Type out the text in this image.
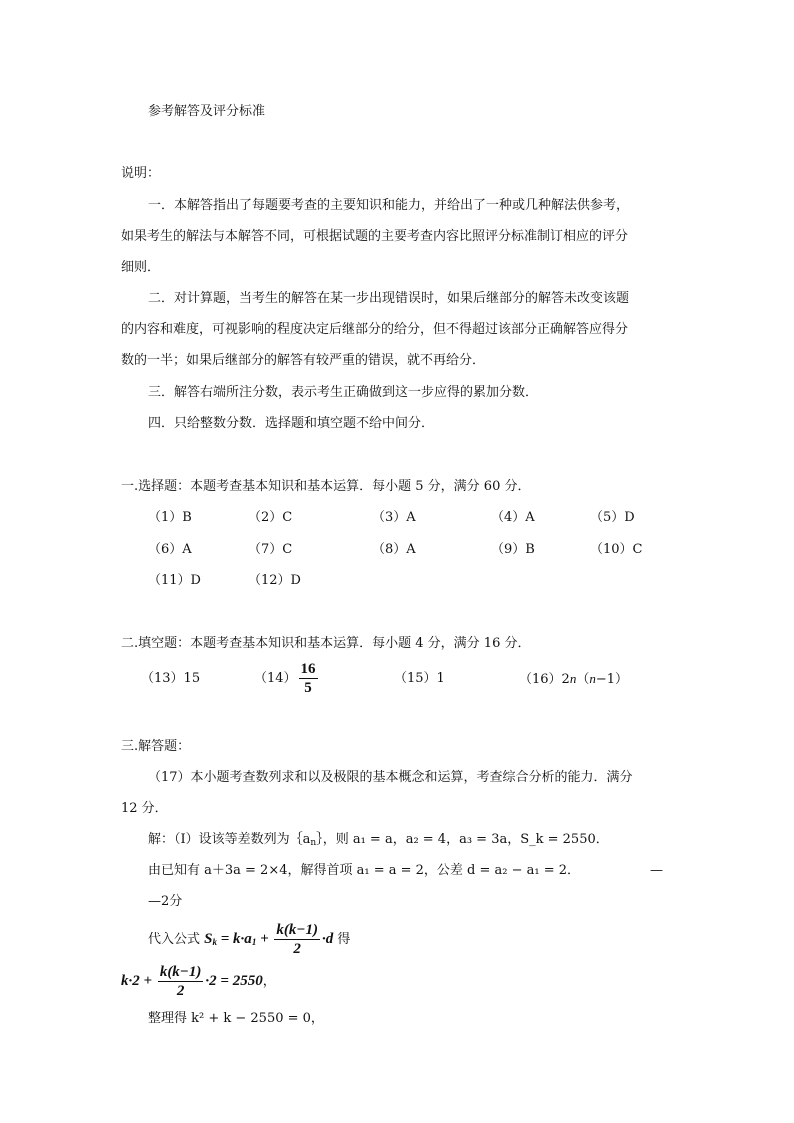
参考解答及评分标准
说明：
一．本解答指出了每题要考查的主要知识和能力，并给出了一种或几种解法供参考，
如果考生的解法与本解答不同，可根据试题的主要考查内容比照评分标准制订相应的评分
细则．
二．对计算题，当考生的解答在某一步出现错误时，如果后继部分的解答未改变该题
的内容和难度，可视影响的程度决定后继部分的给分，但不得超过该部分正确解答应得分
数的一半；如果后继部分的解答有较严重的错误，就不再给分．
三．解答右端所注分数，表示考生正确做到这一步应得的累加分数．
四．只给整数分数．选择题和填空题不给中间分．
一.选择题：本题考查基本知识和基本运算．每小题 5 分，满分 60 分．
（1）B	（2）C	（3）A	（4）A	（5）D
（6）A	（7）C	（8）A	（9）B	（10）C
（11）D	（12）D
二.填空题：本题考查基本知识和基本运算．每小题 4 分，满分 16 分．
（13）15	$(14) \frac{16}{5}$	（15）1	（16）2n（n−1）
三.解答题：
（17）本小题考查数列求和以及极限的基本概念和运算，考查综合分析的能力．满分
12 分．
解：（Ⅰ）设该等差数列为$\{a_n\}$，则 a₁ = a，a₂ = 4，a₃ = 3a，S_k = 2550．
由已知有 a＋3a = 2×4，解得首项 a₁ = a = 2，公差 d = a₂ − a₁ = 2．	—
—2分
代入公式 $S_k = k\cdot a_1 + \frac{k(k-1)}{2} \cdot d$ 得
$k\cdot 2 + \frac{k(k-1)}{2} \cdot 2 = 2550$，
整理得 k² + k − 2550 = 0，
